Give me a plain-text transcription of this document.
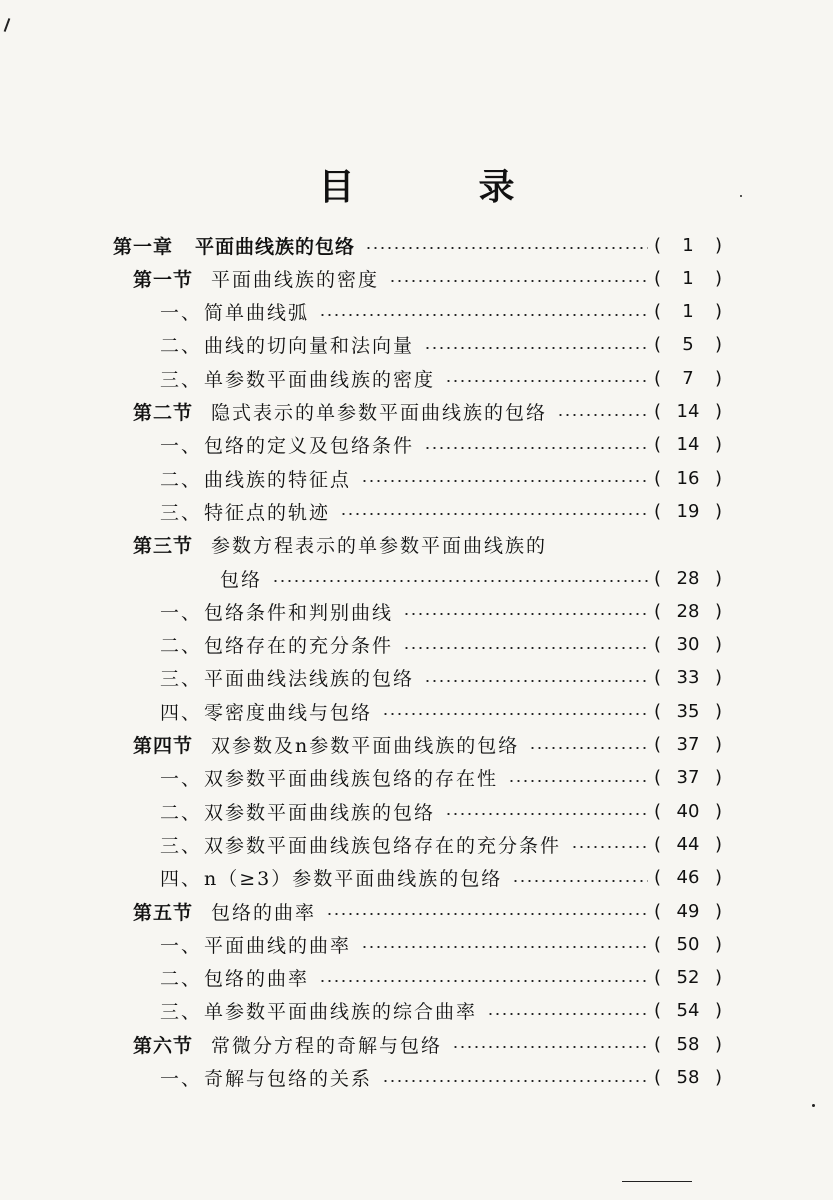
目　录
第一章 平面曲线族的包络	(	1	)
第一节 平面曲线族的密度	(	1	)
一、 简单曲线弧	(	1	)
二、 曲线的切向量和法向量	(	5	)
三、 单参数平面曲线族的密度	(	7	)
第二节 隐式表示的单参数平面曲线族的包络	( 14 )
一、 包络的定义及包络条件	( 14 )
二、 曲线族的特征点	( 16 )
三、 特征点的轨迹	( 19 )
第三节 参数方程表示的单参数平面曲线族的
包络	( 28 )
一、 包络条件和判别曲线	( 28 )
二、 包络存在的充分条件	( 30 )
三、 平面曲线法线族的包络	( 33 )
四、 零密度曲线与包络	( 35 )
第四节 双参数及n参数平面曲线族的包络	( 37 )
一、 双参数平面曲线族包络的存在性	( 37 )
二、 双参数平面曲线族的包络	( 40 )
三、 双参数平面曲线族包络存在的充分条件	( 44 )
四、 n（≥3）参数平面曲线族的包络	( 46 )
第五节 包络的曲率	( 49 )
一、 平面曲线的曲率	( 50 )
二、 包络的曲率	( 52 )
三、 单参数平面曲线族的综合曲率	( 54 )
第六节 常微分方程的奇解与包络	( 58 )
一、 奇解与包络的关系	( 58 )
